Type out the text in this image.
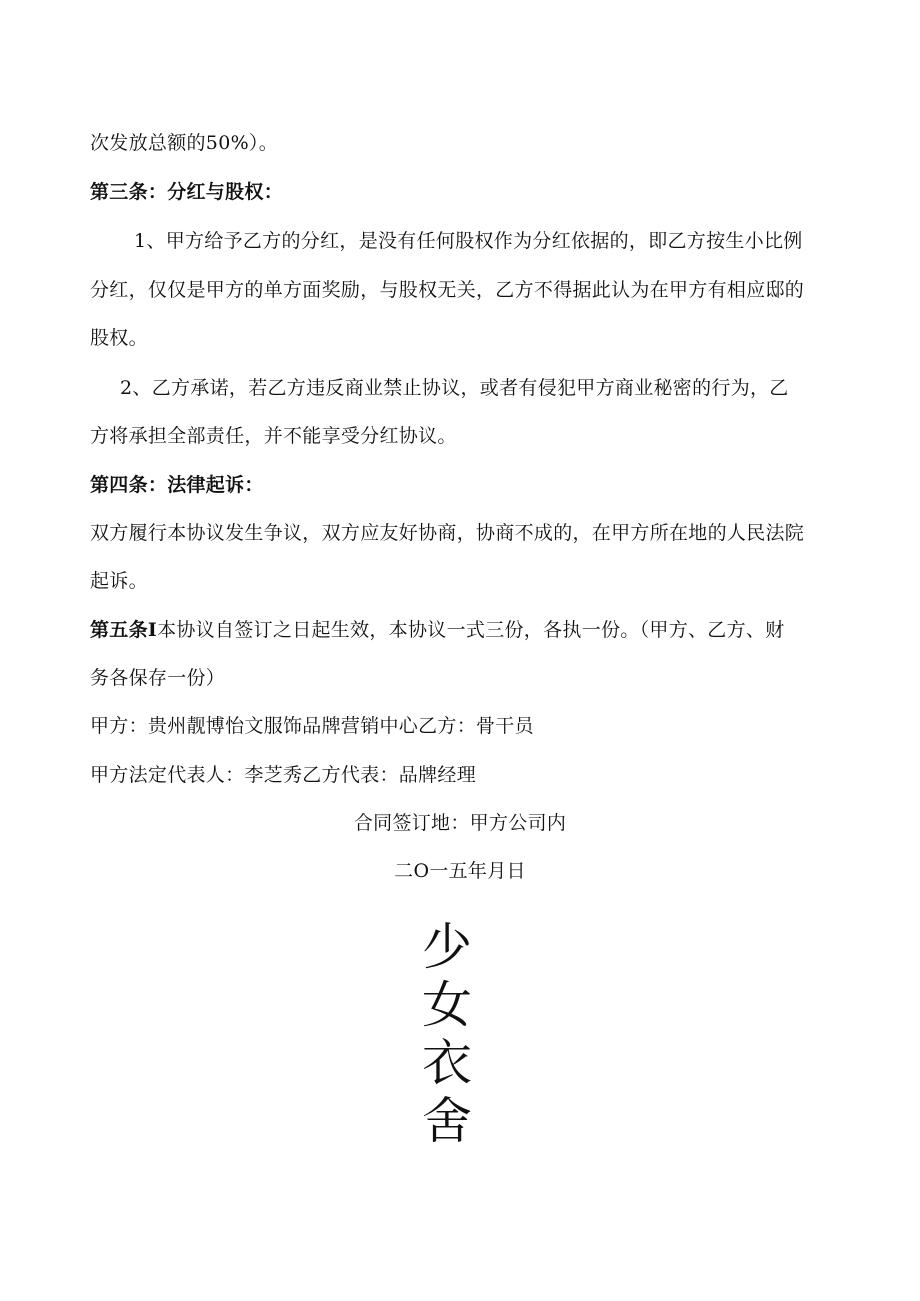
次发放总额的50%）。
第三条：分红与股权：
1、甲方给予乙方的分红，是没有任何股权作为分红依据的，即乙方按生小比例
分红，仅仅是甲方的单方面奖励，与股权无关，乙方不得据此认为在甲方有相应邸的
股权。
2、乙方承诺，若乙方违反商业禁止协议，或者有侵犯甲方商业秘密的行为，乙
方将承担全部责任，并不能享受分红协议。
第四条：法律起诉：
双方履行本协议发生争议，双方应友好协商，协商不成的，在甲方所在地的人民法院
起诉。
第五条I本协议自签订之日起生效，本协议一式三份，各执一份。（甲方、乙方、财
务各保存一份）
甲方：贵州靓博怡文服饰品牌营销中心乙方：骨干员
甲方法定代表人：李芝秀乙方代表：品牌经理
合同签订地：甲方公司内
二O一五年月日
少
女
衣
舍
